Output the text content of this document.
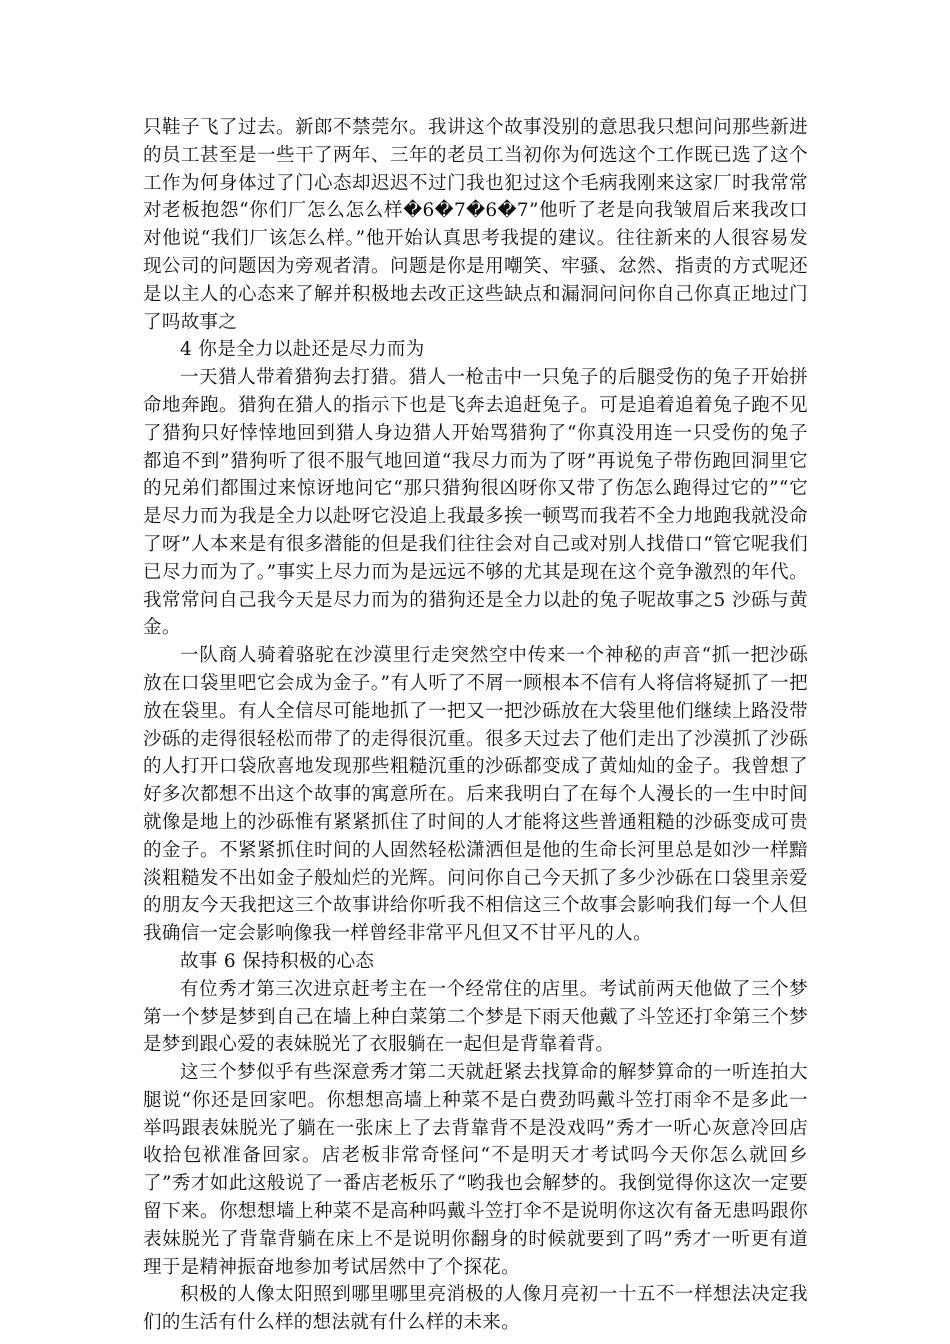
只鞋子飞了过去。新郎不禁莞尔。我讲这个故事没别的意思我只想问问那些新进的员工甚至是一些干了两年、三年的老员工当初你为何选这个工作既已选了这个工作为何身体过了门心态却迟迟不过门我也犯过这个毛病我刚来这家厂时我常常对老板抱怨“你们厂怎么怎么样�6�7�6�7”他听了老是向我皱眉后来我改口对他说“我们厂该怎么样。”他开始认真思考我提的建议。往往新来的人很容易发现公司的问题因为旁观者清。问题是你是用嘲笑、牢骚、忿然、指责的方式呢还是以主人的心态来了解并积极地去改正这些缺点和漏洞问问你自己你真正地过门了吗故事之

4 你是全力以赴还是尽力而为

一天猎人带着猎狗去打猎。猎人一枪击中一只兔子的后腿受伤的兔子开始拼命地奔跑。猎狗在猎人的指示下也是飞奔去追赶兔子。可是追着追着兔子跑不见了猎狗只好悻悻地回到猎人身边猎人开始骂猎狗了“你真没用连一只受伤的兔子都追不到”猎狗听了很不服气地回道“我尽力而为了呀”再说兔子带伤跑回洞里它的兄弟们都围过来惊讶地问它“那只猎狗很凶呀你又带了伤怎么跑得过它的”“它是尽力而为我是全力以赴呀它没追上我最多挨一顿骂而我若不全力地跑我就没命了呀”人本来是有很多潜能的但是我们往往会对自己或对别人找借口“管它呢我们已尽力而为了。”事实上尽力而为是远远不够的尤其是现在这个竞争激烈的年代。我常常问自己我今天是尽力而为的猎狗还是全力以赴的兔子呢故事之5 沙砾与黄金。

一队商人骑着骆驼在沙漠里行走突然空中传来一个神秘的声音“抓一把沙砾放在口袋里吧它会成为金子。”有人听了不屑一顾根本不信有人将信将疑抓了一把放在袋里。有人全信尽可能地抓了一把又一把沙砾放在大袋里他们继续上路没带沙砾的走得很轻松而带了的走得很沉重。很多天过去了他们走出了沙漠抓了沙砾的人打开口袋欣喜地发现那些粗糙沉重的沙砾都变成了黄灿灿的金子。我曾想了好多次都想不出这个故事的寓意所在。后来我明白了在每个人漫长的一生中时间就像是地上的沙砾惟有紧紧抓住了时间的人才能将这些普通粗糙的沙砾变成可贵的金子。不紧紧抓住时间的人固然轻松潇洒但是他的生命长河里总是如沙一样黯淡粗糙发不出如金子般灿烂的光辉。问问你自己今天抓了多少沙砾在口袋里亲爱的朋友今天我把这三个故事讲给你听我不相信这三个故事会影响我们每一个人但我确信一定会影响像我一样曾经非常平凡但又不甘平凡的人。

故事 6 保持积极的心态

有位秀才第三次进京赶考主在一个经常住的店里。考试前两天他做了三个梦第一个梦是梦到自己在墙上种白菜第二个梦是下雨天他戴了斗笠还打伞第三个梦是梦到跟心爱的表妹脱光了衣服躺在一起但是背靠着背。

这三个梦似乎有些深意秀才第二天就赶紧去找算命的解梦算命的一听连拍大腿说“你还是回家吧。你想想高墙上种菜不是白费劲吗戴斗笠打雨伞不是多此一举吗跟表妹脱光了躺在一张床上了去背靠背不是没戏吗”秀才一听心灰意冷回店收拾包袱准备回家。店老板非常奇怪问“不是明天才考试吗今天你怎么就回乡了”秀才如此这般说了一番店老板乐了“哟我也会解梦的。我倒觉得你这次一定要留下来。你想想墙上种菜不是高种吗戴斗笠打伞不是说明你这次有备无患吗跟你表妹脱光了背靠背躺在床上不是说明你翻身的时候就要到了吗”秀才一听更有道理于是精神振奋地参加考试居然中了个探花。

积极的人像太阳照到哪里哪里亮消极的人像月亮初一十五不一样想法决定我们的生活有什么样的想法就有什么样的未来。
